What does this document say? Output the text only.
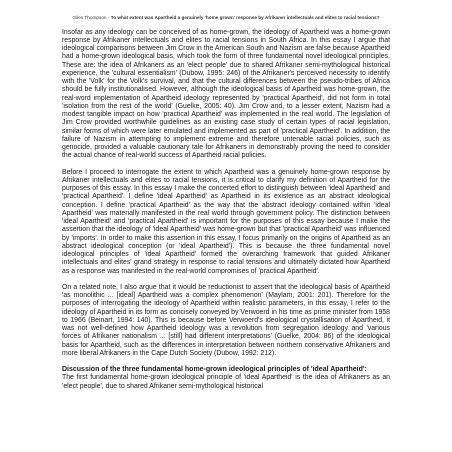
Giles Thompson - To what extent was Apartheid a genuinely 'home grown' response by Afrikaner intellectuals and elites to racial tensions?

Insofar as any ideology can be conceived of as home-grown, the ideology of Apartheid was a home-grown response by Afrikaner intellectuals and elites to racial tensions in South Africa. In this essay I argue that ideological comparisons between Jim Crow in the American South and Nazism are false because Apartheid had a home-grown ideological basis, which took the form of three fundamental novel ideological principles. These are: the idea of Afrikaners as an 'elect people' due to shared Afrikaner semi-mythological historical experience, the 'cultural essentialism' (Dubow, 1995: 246) of the Afrikaner's perceived necessity to identify with the 'Volk' for the Volk's survival, and that the cultural differences between the pseudo-tribes of Africa should be fully institutionalised. However, although the ideological basis of Apartheid was home-grown, the real-word implementation of Apartheid ideology represented by 'practical Apartheid', did not form in total 'isolation from the rest of the world' (Guelke, 2005: 40). Jim Crow and, to a lesser extent, Nazism had a modest tangible impact on how 'practical Apartheid' was implemented in the real world. The legislation of Jim Crow provided worthwhile guidelines as an existing case study of certain types of racial legislation, similar forms of which were later emulated and implemented as part of 'practical Apartheid'. In addition, the failure of Nazism in attempting to implement extreme and therefore untenable racial policies, such as genocide, provided a valuable cautionary tale for Afrikaners in demonstrably proving the need to consider the actual chance of real-world success of Apartheid racial policies.

Before I proceed to interrogate the extent to which Apartheid was a genuinely home-grown response by Afrikaner intellectuals and elites to racial tensions, it is critical to clarify my definition of Apartheid for the purposes of this essay. In this essay I make the concerted effort to distinguish between 'ideal Apartheid' and 'practical Apartheid'. I define 'ideal Apartheid' as Apartheid in its existence as an abstract ideological conception. I define 'practical Apartheid' as the way that the abstract ideology contained within 'ideal Apartheid' was materially manifested in the real world through government policy. The distinction between 'ideal Apartheid' and 'practical Apartheid' is important for the purposes of this essay because I make the assertion that the ideology of 'ideal Apartheid' was home-grown but that 'practical Apartheid' was influenced by 'imports'. In order to make this assertion in this essay, I focus primarily on the origins of Apartheid as an abstract ideological conception (or 'ideal Apartheid'). This is because the three fundamental novel ideological principles of 'ideal Apartheid' formed the overarching framework that guided Afrikaner intellectuals and elites' grand strategy in response to racial tensions and ultimately dictated how Apartheid as a response was manifested in the real-world compromises of 'practical Apartheid'.

On a related note, I also argue that it would be reductionist to assert that the ideological basis of Apartheid 'as monolithic ... [ideal] Apartheid was a complex phenomenon' (Maylam, 2001: 201). Therefore for the purposes of interrogating the ideology of Apartheid within realistic parameters, in this essay, I refer to the ideology of Apartheid in its form as concisely conveyed by Verwoerd in his time as prime minister from 1958 to 1966 (Beinart, 1994: 140). This is because before Verwoerd's ideological crystallisation of Apartheid, it was not well-defined how Apartheid ideology was a revolution from segregation ideology and 'various forces of Afrikaner nationalism ... [still] had different interpretations' (Guelke, 2004: 86) of the ideological basis for Apartheid, such as the differences in interpretation between northern conservative Afrikaners and more liberal Afrikaners in the Cape Dutch Society (Dubow, 1992: 212).

Discussion of the three fundamental home-grown ideological principles of 'ideal Apartheid':

The first fundamental home-grown ideological principle of 'ideal Apartheid' is the idea of Afrikaners as an 'elect people', due to shared Afrikaner semi-mythological historical
